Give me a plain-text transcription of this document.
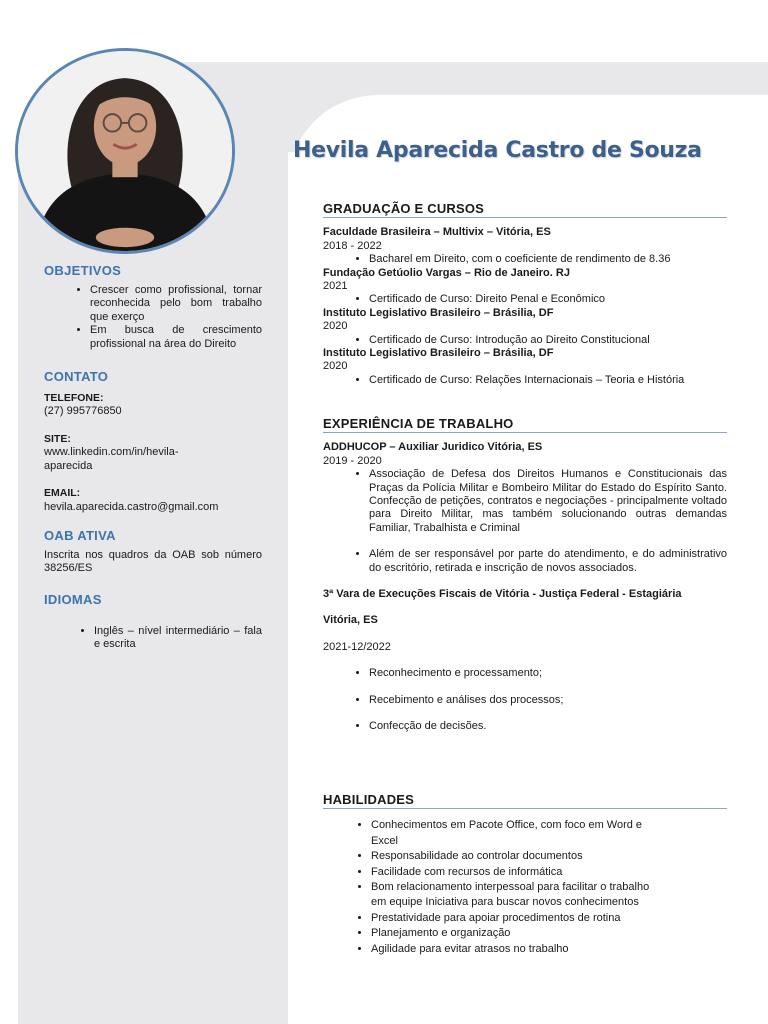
Hevila Aparecida Castro de Souza
OBJETIVOS
• Crescer como profissional, tornar reconhecida pelo bom trabalho que exerço
• Em busca de crescimento profissional na área do Direito
CONTATO
TELEFONE:
(27) 995776850
SITE:
www.linkedin.com/in/hevila-aparecida
EMAIL:
hevila.aparecida.castro@gmail.com
OAB ATIVA
Inscrita nos quadros da OAB sob número 38256/ES
IDIOMAS
• Inglês – nível intermediário – fala e escrita
GRADUAÇÃO E CURSOS
Faculdade Brasileira – Multivix – Vitória, ES
2018 - 2022
• Bacharel em Direito, com o coeficiente de rendimento de 8.36
Fundação Getúolio Vargas – Rio de Janeiro. RJ
2021
• Certificado de Curso: Direito Penal e Econômico
Instituto Legislativo Brasileiro – Brásilia, DF
2020
• Certificado de Curso: Introdução ao Direito Constitucional
Instituto Legislativo Brasileiro – Brásilia, DF
2020
• Certificado de Curso: Relações Internacionais – Teoria e História
EXPERIÊNCIA DE TRABALHO
ADDHUCOP – Auxiliar Juridico Vitória, ES
2019 - 2020
• Associação de Defesa dos Direitos Humanos e Constitucionais das Praças da Polícia Militar e Bombeiro Militar do Estado do Espírito Santo. Confecção de petições, contratos e negociações - principalmente voltado para Direito Militar, mas também solucionando outras demandas Familiar, Trabalhista e Criminal
• Além de ser responsável por parte do atendimento, e do administrativo do escritório, retirada e inscrição de novos associados.
3ª Vara de Execuções Fiscais de Vitória - Justiça Federal - Estagiária
Vitória, ES
2021-12/2022
• Reconhecimento e processamento;
• Recebimento e análises dos processos;
• Confecção de decisões.
HABILIDADES
• Conhecimentos em Pacote Office, com foco em Word e Excel
• Responsabilidade ao controlar documentos
• Facilidade com recursos de informática
• Bom relacionamento interpessoal para facilitar o trabalho em equipe Iniciativa para buscar novos conhecimentos
• Prestatividade para apoiar procedimentos de rotina
• Planejamento e organização
• Agilidade para evitar atrasos no trabalho
